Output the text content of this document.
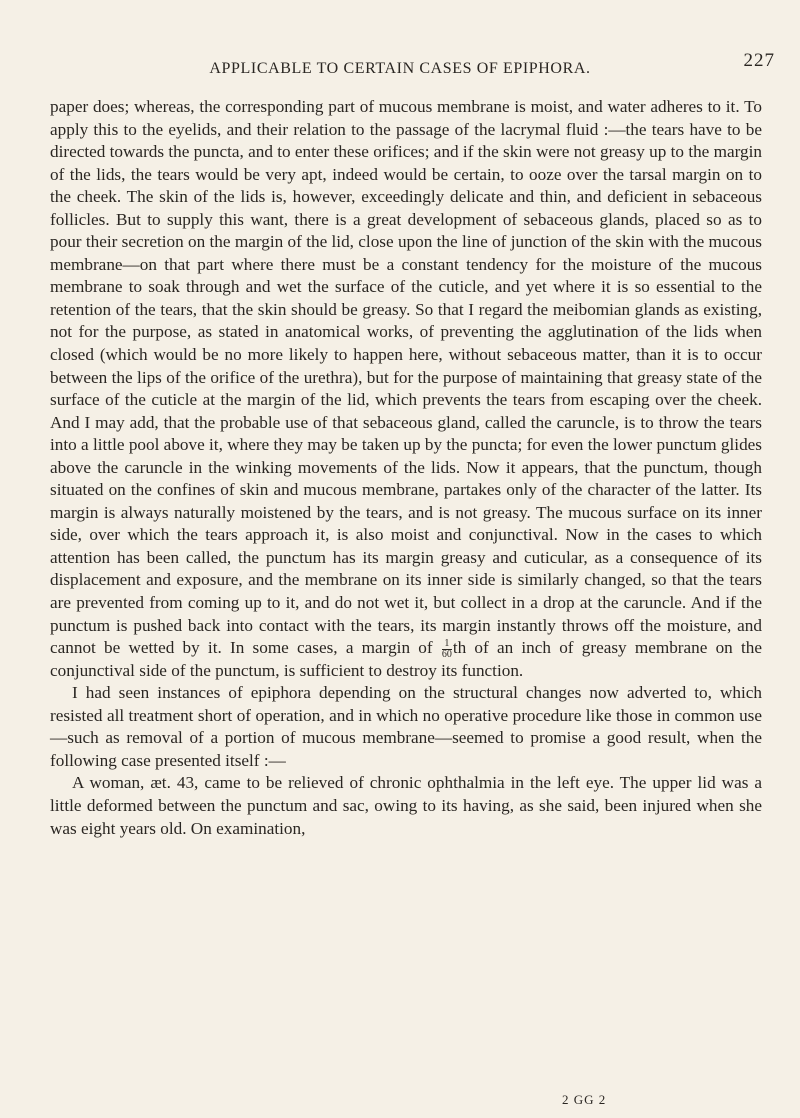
APPLICABLE TO CERTAIN CASES OF EPIPHORA.	227

paper does; whereas, the corresponding part of mucous membrane is moist, and water adheres to it. To apply this to the eyelids, and their relation to the passage of the lacrymal fluid :—the tears have to be directed towards the puncta, and to enter these orifices; and if the skin were not greasy up to the margin of the lids, the tears would be very apt, indeed would be certain, to ooze over the tarsal margin on to the cheek. The skin of the lids is, however, exceedingly delicate and thin, and deficient in sebaceous follicles. But to supply this want, there is a great development of sebaceous glands, placed so as to pour their secretion on the margin of the lid, close upon the line of junction of the skin with the mucous membrane—on that part where there must be a constant tendency for the moisture of the mucous membrane to soak through and wet the surface of the cuticle, and yet where it is so essential to the retention of the tears, that the skin should be greasy. So that I regard the meibomian glands as existing, not for the purpose, as stated in anatomical works, of preventing the agglutination of the lids when closed (which would be no more likely to happen here, without sebaceous matter, than it is to occur between the lips of the orifice of the urethra), but for the purpose of maintaining that greasy state of the surface of the cuticle at the margin of the lid, which prevents the tears from escaping over the cheek. And I may add, that the probable use of that sebaceous gland, called the caruncle, is to throw the tears into a little pool above it, where they may be taken up by the puncta; for even the lower punctum glides above the caruncle in the winking movements of the lids. Now it appears, that the punctum, though situated on the confines of skin and mucous membrane, partakes only of the character of the latter. Its margin is always naturally moistened by the tears, and is not greasy. The mucous surface on its inner side, over which the tears approach it, is also moist and conjunctival. Now in the cases to which attention has been called, the punctum has its margin greasy and cuticular, as a consequence of its displacement and exposure, and the membrane on its inner side is similarly changed, so that the tears are prevented from coming up to it, and do not wet it, but collect in a drop at the caruncle. And if the punctum is pushed back into contact with the tears, its margin instantly throws off the moisture, and cannot be wetted by it. In some cases, a margin of $\frac{1}{60}$ th of an inch of greasy membrane on the conjunctival side of the punctum, is sufficient to destroy its function.

I had seen instances of epiphora depending on the structural changes now adverted to, which resisted all treatment short of operation, and in which no operative procedure like those in common use—such as removal of a portion of mucous membrane—seemed to promise a good result, when the following case presented itself :—

A woman, æt. 43, came to be relieved of chronic ophthalmia in the left eye. The upper lid was a little deformed between the punctum and sac, owing to its having, as she said, been injured when she was eight years old. On examination,

2 GG 2
